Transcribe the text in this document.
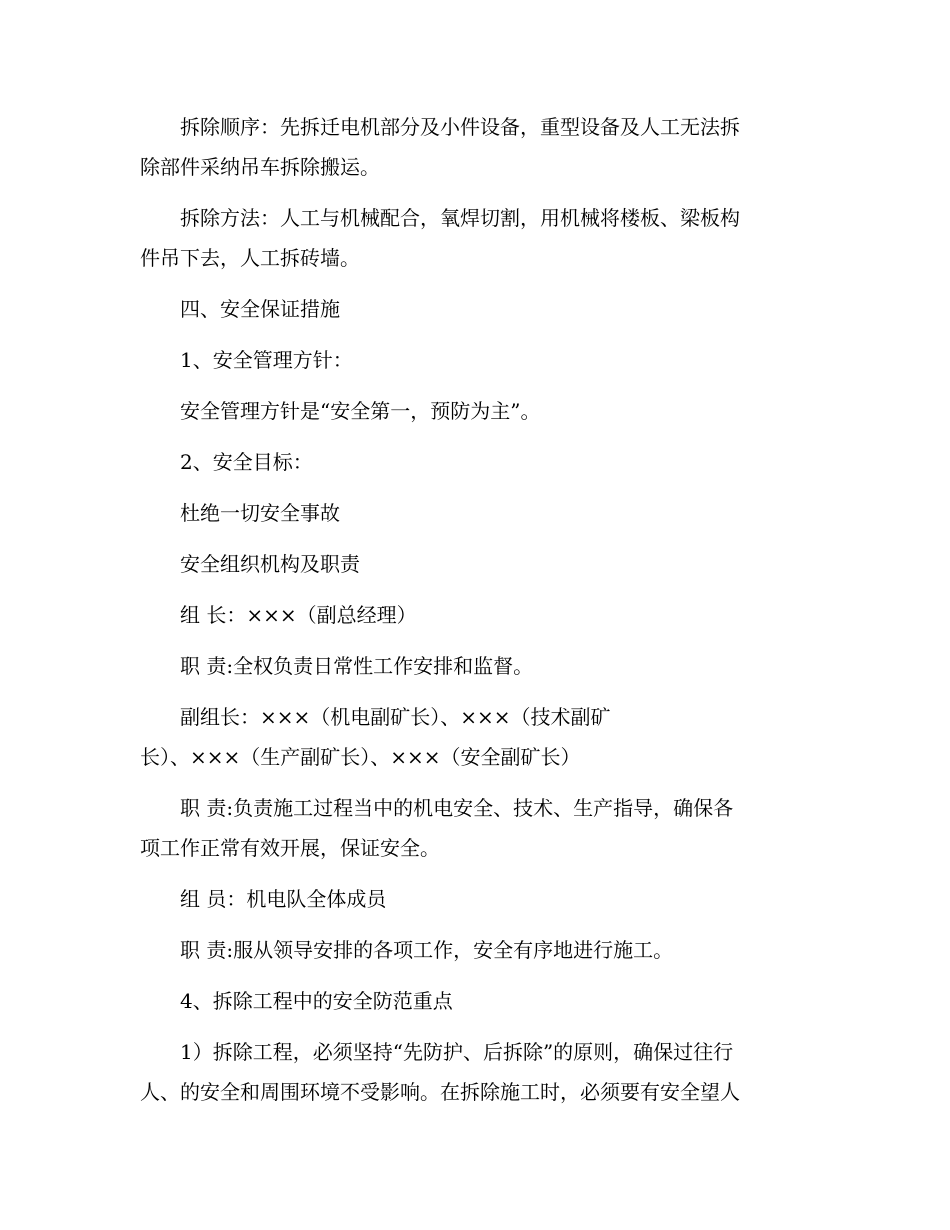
拆除顺序：先拆迁电机部分及小件设备，重型设备及人工无法拆
除部件采纳吊车拆除搬运。

拆除方法：人工与机械配合，氧焊切割，用机械将楼板、梁板构
件吊下去，人工拆砖墙。

四、安全保证措施

1、安全管理方针：

安全管理方针是“安全第一，预防为主”。

2、安全目标：

杜绝一切安全事故

安全组织机构及职责

组 长：×××（副总经理）

职 责:全权负责日常性工作安排和监督。

副组长：×××（机电副矿长）、×××（技术副矿
长）、×××（生产副矿长）、×××（安全副矿长）

职 责:负责施工过程当中的机电安全、技术、生产指导，确保各
项工作正常有效开展，保证安全。

组 员：机电队全体成员

职 责:服从领导安排的各项工作，安全有序地进行施工。

4、拆除工程中的安全防范重点

1）拆除工程，必须坚持“先防护、后拆除”的原则，确保过往行
人、的安全和周围环境不受影响。在拆除施工时，必须要有安全望人
